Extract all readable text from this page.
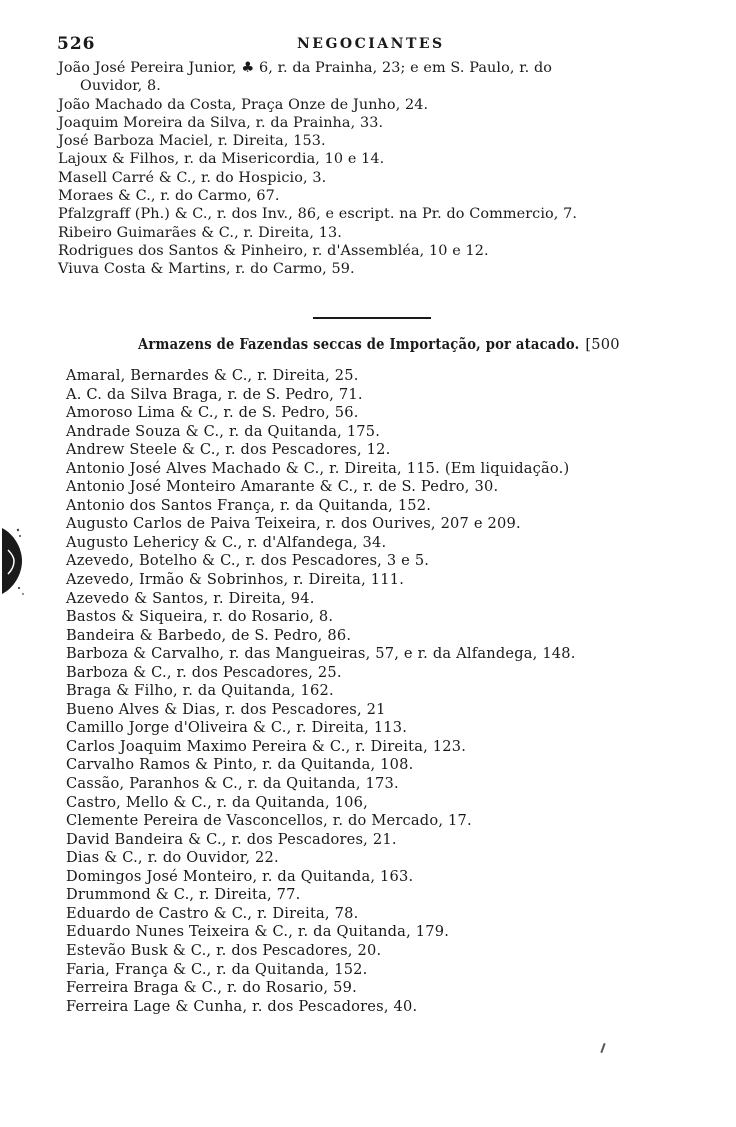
526	NEGOCIANTES
João José Pereira Junior, ♣ 6, r. da Prainha, 23; e em S. Paulo, r. do
Ouvidor, 8.
João Machado da Costa, Praça Onze de Junho, 24.
Joaquim Moreira da Silva, r. da Prainha, 33.
José Barboza Maciel, r. Direita, 153.
Lajoux & Filhos, r. da Misericordia, 10 e 14.
Masell Carré & C., r. do Hospicio, 3.
Moraes & C., r. do Carmo, 67.
Pfalzgraff (Ph.) & C., r. dos Inv., 86, e escript. na Pr. do Commercio, 7.
Ribeiro Guimarães & C., r. Direita, 13.
Rodrigues dos Santos & Pinheiro, r. d'Assembléa, 10 e 12.
Viuva Costa & Martins, r. do Carmo, 59.
Armazens de Fazendas seccas de Importação, por atacado. [500
Amaral, Bernardes & C., r. Direita, 25.
A. C. da Silva Braga, r. de S. Pedro, 71.
Amoroso Lima & C., r. de S. Pedro, 56.
Andrade Souza & C., r. da Quitanda, 175.
Andrew Steele & C., r. dos Pescadores, 12.
Antonio José Alves Machado & C., r. Direita, 115. (Em liquidação.)
Antonio José Monteiro Amarante & C., r. de S. Pedro, 30.
Antonio dos Santos França, r. da Quitanda, 152.
Augusto Carlos de Paiva Teixeira, r. dos Ourives, 207 e 209.
Augusto Lehericy & C., r. d'Alfandega, 34.
Azevedo, Botelho & C., r. dos Pescadores, 3 e 5.
Azevedo, Irmão & Sobrinhos, r. Direita, 111.
Azevedo & Santos, r. Direita, 94.
Bastos & Siqueira, r. do Rosario, 8.
Bandeira & Barbedo, de S. Pedro, 86.
Barboza & Carvalho, r. das Mangueiras, 57, e r. da Alfandega, 148.
Barboza & C., r. dos Pescadores, 25.
Braga & Filho, r. da Quitanda, 162.
Bueno Alves & Dias, r. dos Pescadores, 21
Camillo Jorge d'Oliveira & C., r. Direita, 113.
Carlos Joaquim Maximo Pereira & C., r. Direita, 123.
Carvalho Ramos & Pinto, r. da Quitanda, 108.
Cassão, Paranhos & C., r. da Quitanda, 173.
Castro, Mello & C., r. da Quitanda, 106,
Clemente Pereira de Vasconcellos, r. do Mercado, 17.
David Bandeira & C., r. dos Pescadores, 21.
Dias & C., r. do Ouvidor, 22.
Domingos José Monteiro, r. da Quitanda, 163.
Drummond & C., r. Direita, 77.
Eduardo de Castro & C., r. Direita, 78.
Eduardo Nunes Teixeira & C., r. da Quitanda, 179.
Estevão Busk & C., r. dos Pescadores, 20.
Faria, França & C., r. da Quitanda, 152.
Ferreira Braga & C., r. do Rosario, 59.
Ferreira Lage & Cunha, r. dos Pescadores, 40.
